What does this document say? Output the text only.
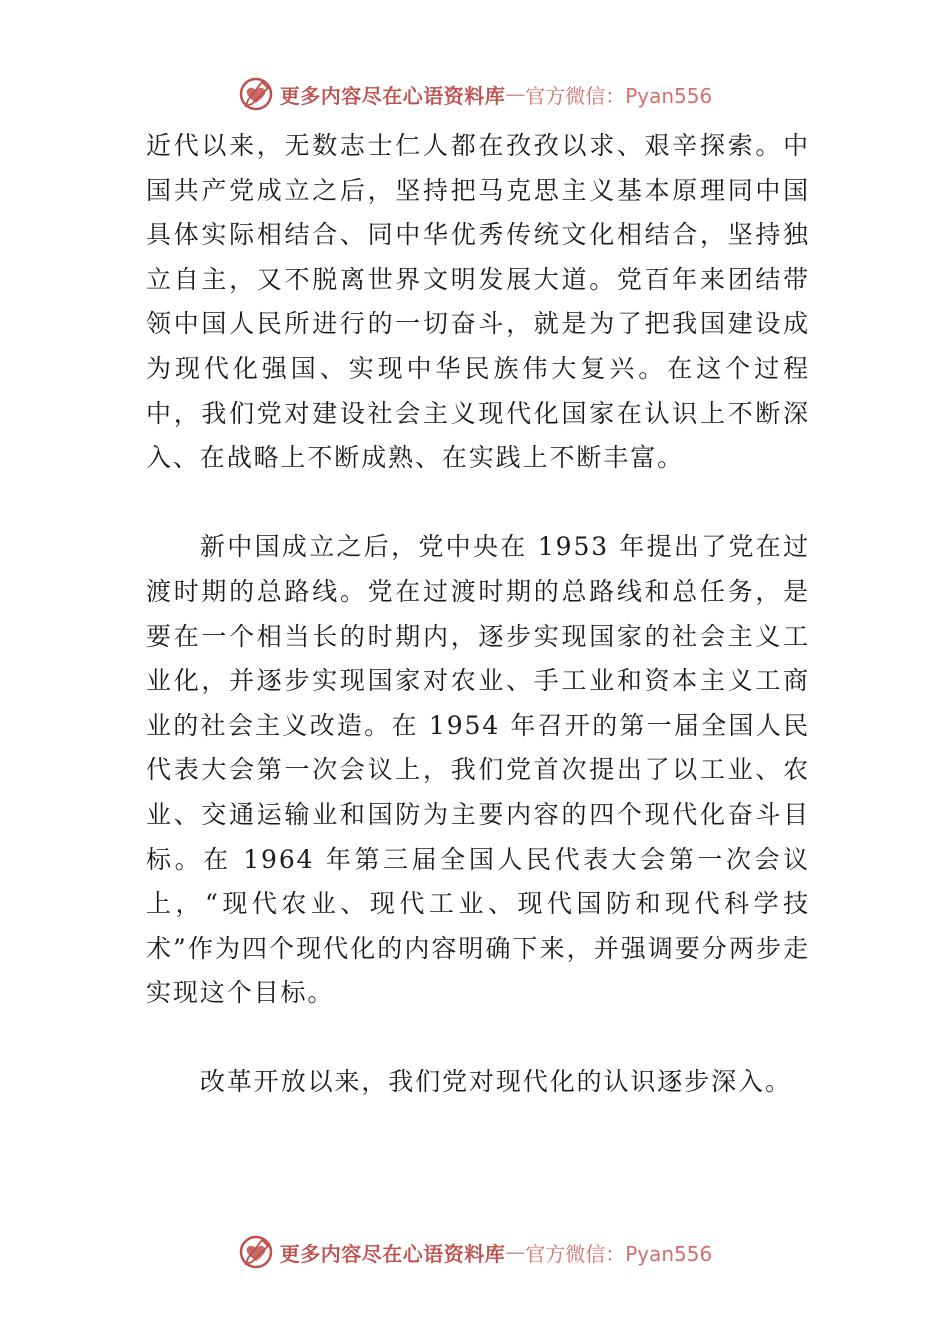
更多内容尽在心语资料库 — 官方微信：Pyan556

近代以来，无数志士仁人都在孜孜以求、艰辛探索。中国共产党成立之后，坚持把马克思主义基本原理同中国具体实际相结合、同中华优秀传统文化相结合，坚持独立自主，又不脱离世界文明发展大道。党百年来团结带领中国人民所进行的一切奋斗，就是为了把我国建设成为现代化强国、实现中华民族伟大复兴。在这个过程中，我们党对建设社会主义现代化国家在认识上不断深入、在战略上不断成熟、在实践上不断丰富。

新中国成立之后，党中央在 1953 年提出了党在过渡时期的总路线。党在过渡时期的总路线和总任务，是要在一个相当长的时期内，逐步实现国家的社会主义工业化，并逐步实现国家对农业、手工业和资本主义工商业的社会主义改造。在 1954 年召开的第一届全国人民代表大会第一次会议上，我们党首次提出了以工业、农业、交通运输业和国防为主要内容的四个现代化奋斗目标。在 1964 年第三届全国人民代表大会第一次会议上，“现代农业、现代工业、现代国防和现代科学技术”作为四个现代化的内容明确下来，并强调要分两步走实现这个目标。

改革开放以来，我们党对现代化的认识逐步深入。

更多内容尽在心语资料库 — 官方微信：Pyan556
